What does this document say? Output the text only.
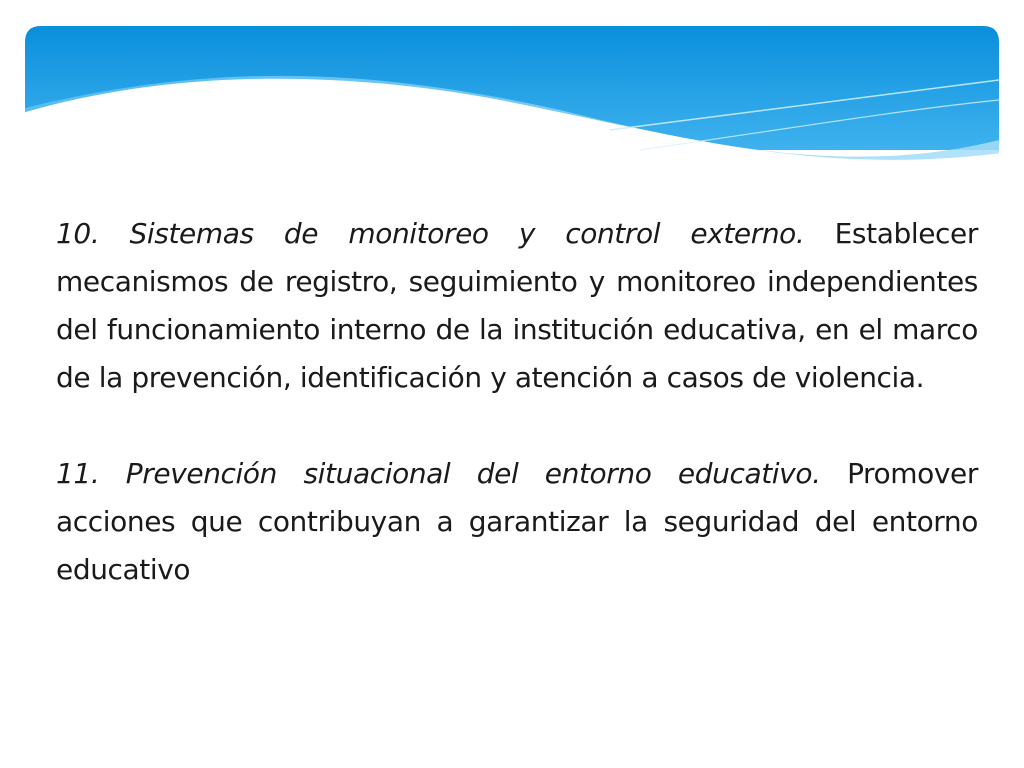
10. Sistemas de monitoreo y control externo. Establecer mecanismos de registro, seguimiento y monitoreo independientes del funcionamiento interno de la institución educativa, en el marco de la prevención, identificación y atención a casos de violencia.

11. Prevención situacional del entorno educativo. Promover acciones que contribuyan a garantizar la seguridad del entorno educativo
